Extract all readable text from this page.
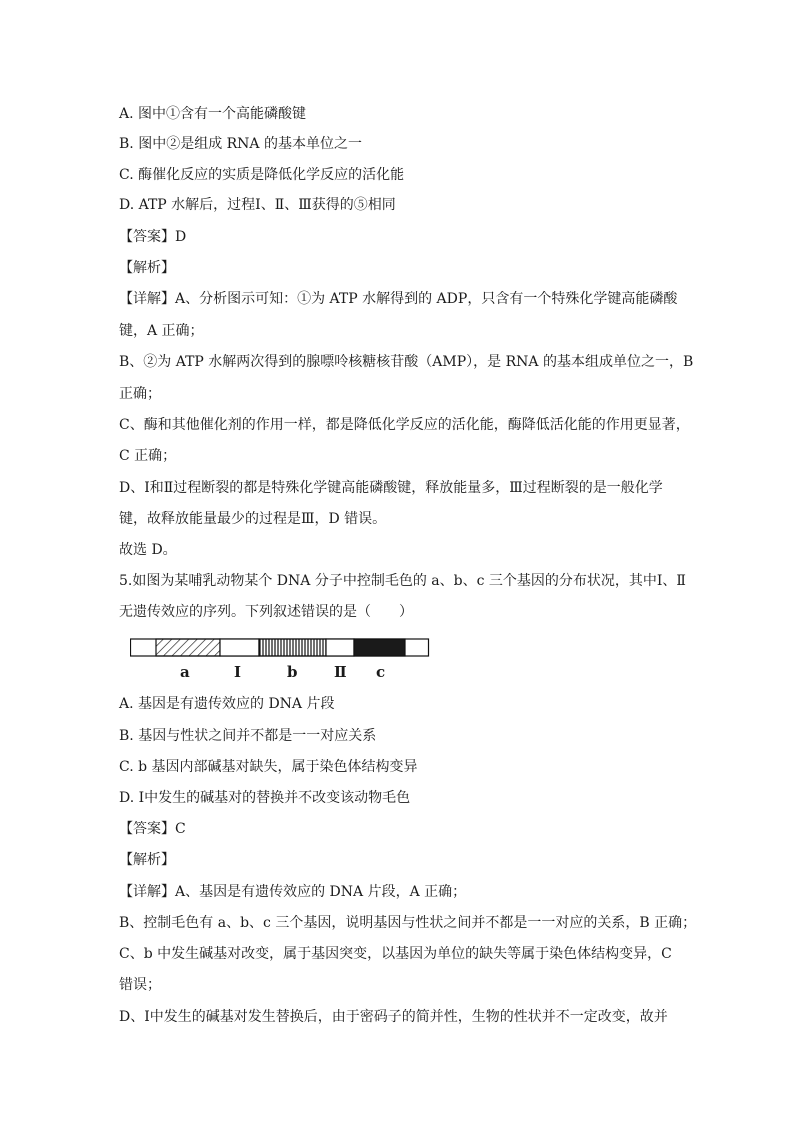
A. 图中①含有一个高能磷酸键
B. 图中②是组成 RNA 的基本单位之一
C. 酶催化反应的实质是降低化学反应的活化能
D. ATP 水解后，过程Ⅰ、Ⅱ、Ⅲ获得的⑤相同
【答案】D
【解析】
【详解】A、分析图示可知：①为 ATP 水解得到的 ADP，只含有一个特殊化学键高能磷酸
键，A 正确；
B、②为 ATP 水解两次得到的腺嘌呤核糖核苷酸（AMP），是 RNA 的基本组成单位之一，B
正确；
C、酶和其他催化剂的作用一样，都是降低化学反应的活化能，酶降低活化能的作用更显著，
C 正确；
D、Ⅰ和Ⅱ过程断裂的都是特殊化学键高能磷酸键，释放能量多，Ⅲ过程断裂的是一般化学
键，故释放能量最少的过程是Ⅲ，D 错误。
故选 D。
5.如图为某哺乳动物某个 DNA 分子中控制毛色的 a、b、c 三个基因的分布状况，其中Ⅰ、Ⅱ
无遗传效应的序列。下列叙述错误的是（　　）
a	Ⅰ	b Ⅱ c
A. 基因是有遗传效应的 DNA 片段
B. 基因与性状之间并不都是一一对应关系
C. b 基因内部碱基对缺失，属于染色体结构变异
D. Ⅰ中发生的碱基对的替换并不改变该动物毛色
【答案】C
【解析】
【详解】A、基因是有遗传效应的 DNA 片段，A 正确；
B、控制毛色有 a、b、c 三个基因，说明基因与性状之间并不都是一一对应的关系，B 正确；
C、b 中发生碱基对改变，属于基因突变，以基因为单位的缺失等属于染色体结构变异，C
错误；
D、Ⅰ中发生的碱基对发生替换后，由于密码子的简并性，生物的性状并不一定改变，故并
